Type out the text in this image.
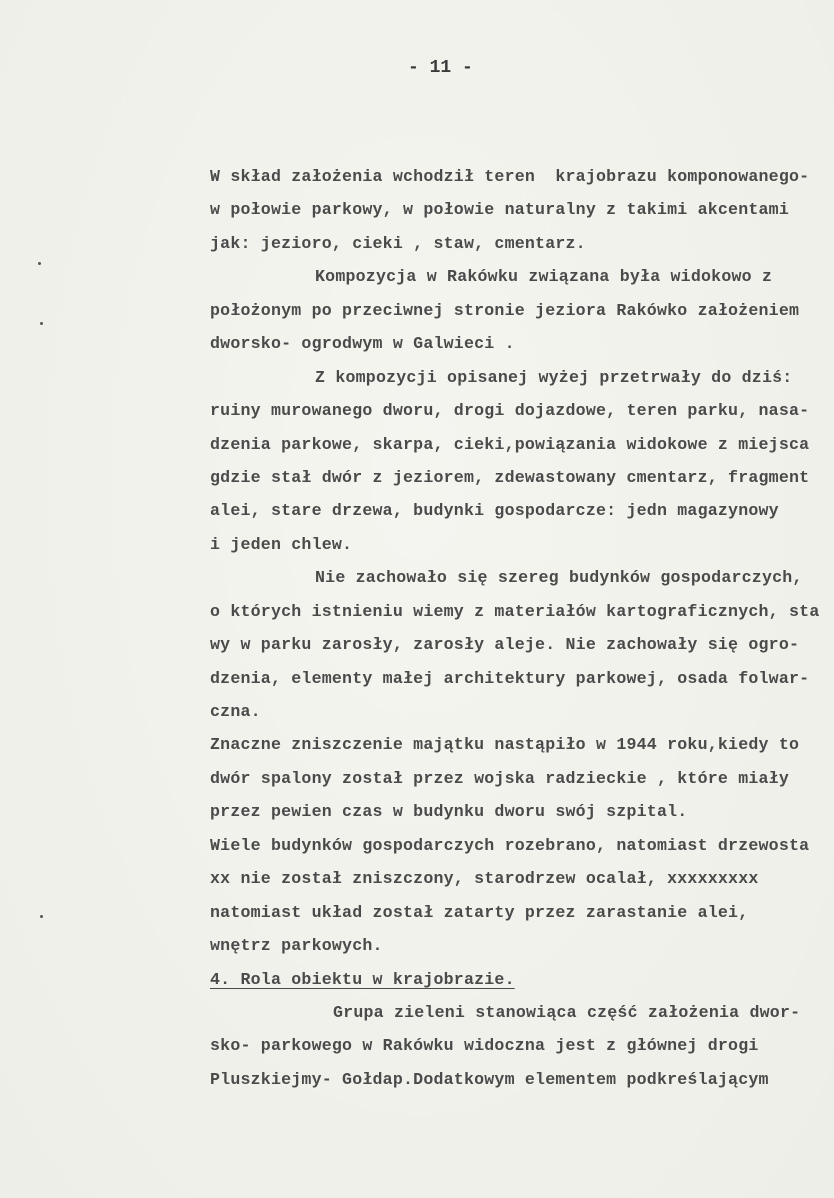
- 11 -
W skład założenia wchodził teren  krajobrazu komponowanego-
w połowie parkowy, w połowie naturalny z takimi akcentami
jak: jezioro, cieki , staw, cmentarz.
Kompozycja w Rakówku związana była widokowo z
położonym po przeciwnej stronie jeziora Rakówko założeniem
dworsko- ogrodwym w Galwieci .
Z kompozycji opisanej wyżej przetrwały do dziś:
ruiny murowanego dworu, drogi dojazdowe, teren parku, nasa-
dzenia parkowe, skarpa, cieki,powiązania widokowe z miejsca
gdzie stał dwór z jeziorem, zdewastowany cmentarz, fragment
alei, stare drzewa, budynki gospodarcze: jedn magazynowy
i jeden chlew.
Nie zachowało się szereg budynków gospodarczych,
o których istnieniu wiemy z materiałów kartograficznych, sta
wy w parku zarosły, zarosły aleje. Nie zachowały się ogro-
dzenia, elementy małej architektury parkowej, osada folwar-
czna.
Znaczne zniszczenie majątku nastąpiło w 1944 roku,kiedy to
dwór spalony został przez wojska radzieckie , które miały
przez pewien czas w budynku dworu swój szpital.
Wiele budynków gospodarczych rozebrano, natomiast drzewosta
xx nie został zniszczony, starodrzew ocalał, xxxxxxxxx
natomiast układ został zatarty przez zarastanie alei,
wnętrz parkowych.
4. Rola obiektu w krajobrazie.
Grupa zieleni stanowiąca część założenia dwor-
sko- parkowego w Rakówku widoczna jest z głównej drogi
Pluszkiejmy- Gołdap.Dodatkowym elementem podkreślającym
